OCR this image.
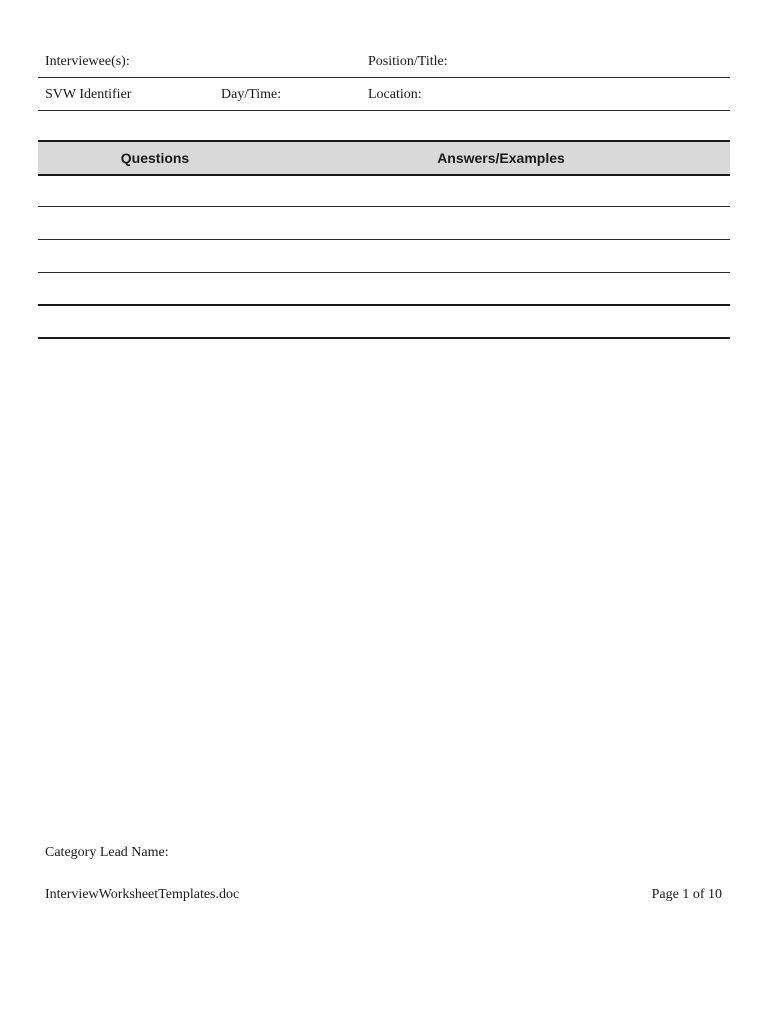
Interviewee(s):	Position/Title:
SVW Identifier	Day/Time:	Location:
Questions	Answers/Examples
Category Lead Name:
InterviewWorksheetTemplates.doc	Page 1 of 10
